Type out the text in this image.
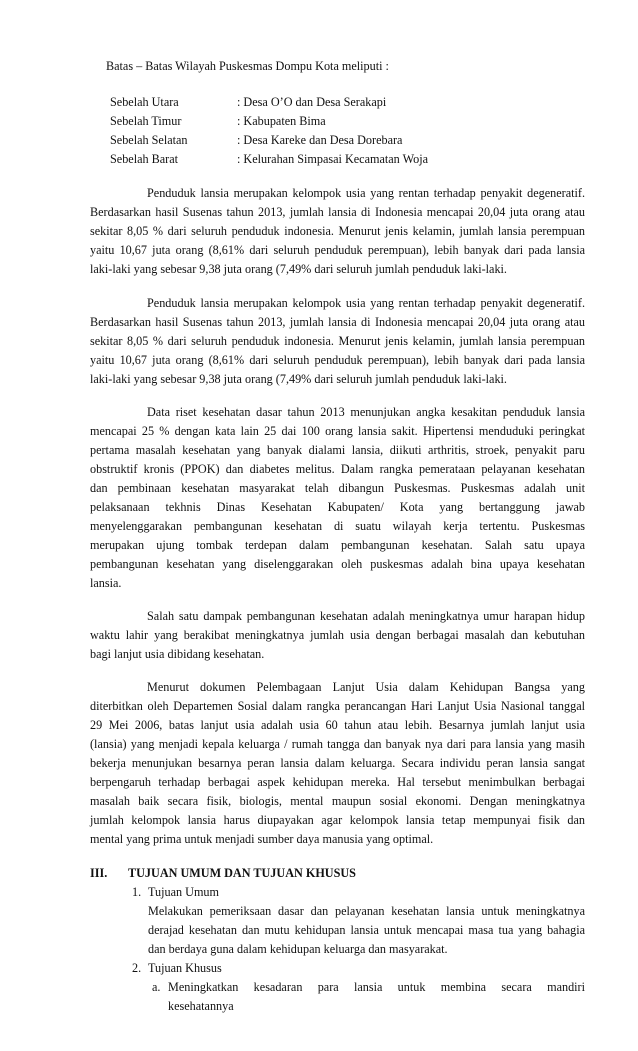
Batas – Batas Wilayah Puskesmas Dompu Kota meliputi :
Sebelah Utara	: Desa O’O dan Desa Serakapi
Sebelah Timur	: Kabupaten Bima
Sebelah Selatan	: Desa Kareke dan Desa Dorebara
Sebelah Barat	: Kelurahan Simpasai Kecamatan Woja
Penduduk lansia merupakan kelompok usia yang rentan terhadap penyakit degeneratif.
Berdasarkan hasil Susenas tahun 2013, jumlah lansia di Indonesia mencapai 20,04 juta orang atau
sekitar 8,05 % dari seluruh penduduk indonesia. Menurut jenis kelamin, jumlah lansia perempuan
yaitu 10,67 juta orang (8,61% dari seluruh penduduk perempuan), lebih banyak dari pada lansia
laki-laki yang sebesar 9,38 juta orang (7,49% dari seluruh jumlah penduduk laki-laki.
Penduduk lansia merupakan kelompok usia yang rentan terhadap penyakit degeneratif.
Berdasarkan hasil Susenas tahun 2013, jumlah lansia di Indonesia mencapai 20,04 juta orang atau
sekitar 8,05 % dari seluruh penduduk indonesia. Menurut jenis kelamin, jumlah lansia perempuan
yaitu 10,67 juta orang (8,61% dari seluruh penduduk perempuan), lebih banyak dari pada lansia
laki-laki yang sebesar 9,38 juta orang (7,49% dari seluruh jumlah penduduk laki-laki.
Data riset kesehatan dasar tahun 2013 menunjukan angka kesakitan penduduk lansia
mencapai 25 % dengan kata lain 25 dai 100 orang lansia sakit. Hipertensi menduduki peringkat
pertama masalah kesehatan yang banyak dialami lansia, diikuti arthritis, stroek, penyakit paru
obstruktif kronis (PPOK) dan diabetes melitus. Dalam rangka pemerataan pelayanan kesehatan
dan pembinaan kesehatan masyarakat telah dibangun Puskesmas. Puskesmas adalah unit
pelaksanaan tekhnis Dinas Kesehatan Kabupaten/ Kota yang bertanggung jawab
menyelenggarakan pembangunan kesehatan di suatu wilayah kerja tertentu. Puskesmas
merupakan ujung tombak terdepan dalam pembangunan kesehatan. Salah satu upaya
pembangunan kesehatan yang diselenggarakan oleh puskesmas adalah bina upaya kesehatan
lansia.
Salah satu dampak pembangunan kesehatan adalah meningkatnya umur harapan hidup
waktu lahir yang berakibat meningkatnya jumlah usia dengan berbagai masalah dan kebutuhan
bagi lanjut usia dibidang kesehatan.
Menurut dokumen Pelembagaan Lanjut Usia dalam Kehidupan Bangsa yang
diterbitkan oleh Departemen Sosial dalam rangka perancangan Hari Lanjut Usia Nasional tanggal
29 Mei 2006, batas lanjut usia adalah usia 60 tahun atau lebih. Besarnya jumlah lanjut usia
(lansia) yang menjadi kepala keluarga / rumah tangga dan banyak nya dari para lansia yang masih
bekerja menunjukan besarnya peran lansia dalam keluarga. Secara individu peran lansia sangat
berpengaruh terhadap berbagai aspek kehidupan mereka. Hal tersebut menimbulkan berbagai
masalah baik secara fisik, biologis, mental maupun sosial ekonomi. Dengan meningkatnya
jumlah kelompok lansia harus diupayakan agar kelompok lansia tetap mempunyai fisik dan
mental yang prima untuk menjadi sumber daya manusia yang optimal.
III. TUJUAN UMUM DAN TUJUAN KHUSUS
1. Tujuan Umum
Melakukan pemeriksaan dasar dan pelayanan kesehatan lansia untuk meningkatnya
derajad kesehatan dan mutu kehidupan lansia untuk mencapai masa tua yang bahagia
dan berdaya guna dalam kehidupan keluarga dan masyarakat.
2. Tujuan Khusus
a. Meningkatkan kesadaran para lansia untuk membina secara mandiri
kesehatannya
